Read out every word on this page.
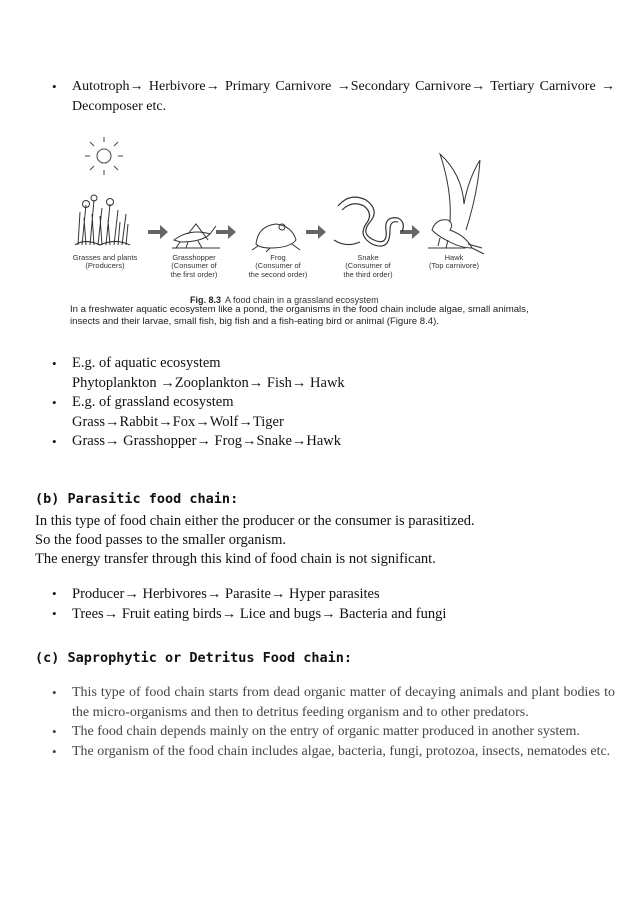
• Autotroph→ Herbivore→ Primary Carnivore →Secondary Carnivore→ Tertiary Carnivore → Decomposer etc.
Grasses and plants
(Producers)
Grasshopper
(Consumer of
the first order)
Frog
(Consumer of
the second order)
Snake
(Consumer of
the third order)
Hawk
(Top carnivore)
Fig. 8.3 A food chain in a grassland ecosystem
In a freshwater aquatic ecosystem like a pond, the organisms in the food chain include algae, small animals, insects and their larvae, small fish, big fish and a fish-eating bird or animal (Figure 8.4).
• E.g. of aquatic ecosystem
Phytoplankton →Zooplankton→ Fish→ Hawk
• E.g. of grassland ecosystem
Grass→Rabbit→Fox→Wolf→Tiger
• Grass→ Grasshopper→ Frog→Snake→Hawk
(b) Parasitic food chain:

In this type of food chain either the producer or the consumer is parasitized.

So the food passes to the smaller organism.

The energy transfer through this kind of food chain is not significant.

• Producer→ Herbivores→ Parasite→ Hyper parasites
• Trees→ Fruit eating birds→ Lice and bugs→ Bacteria and fungi
(c) Saprophytic or Detritus Food chain:
• This type of food chain starts from dead organic matter of decaying animals and plant bodies to the micro-organisms and then to detritus feeding organism and to other predators.
• The food chain depends mainly on the entry of organic matter produced in another system.
• The organism of the food chain includes algae, bacteria, fungi, protozoa, insects, nematodes etc.
